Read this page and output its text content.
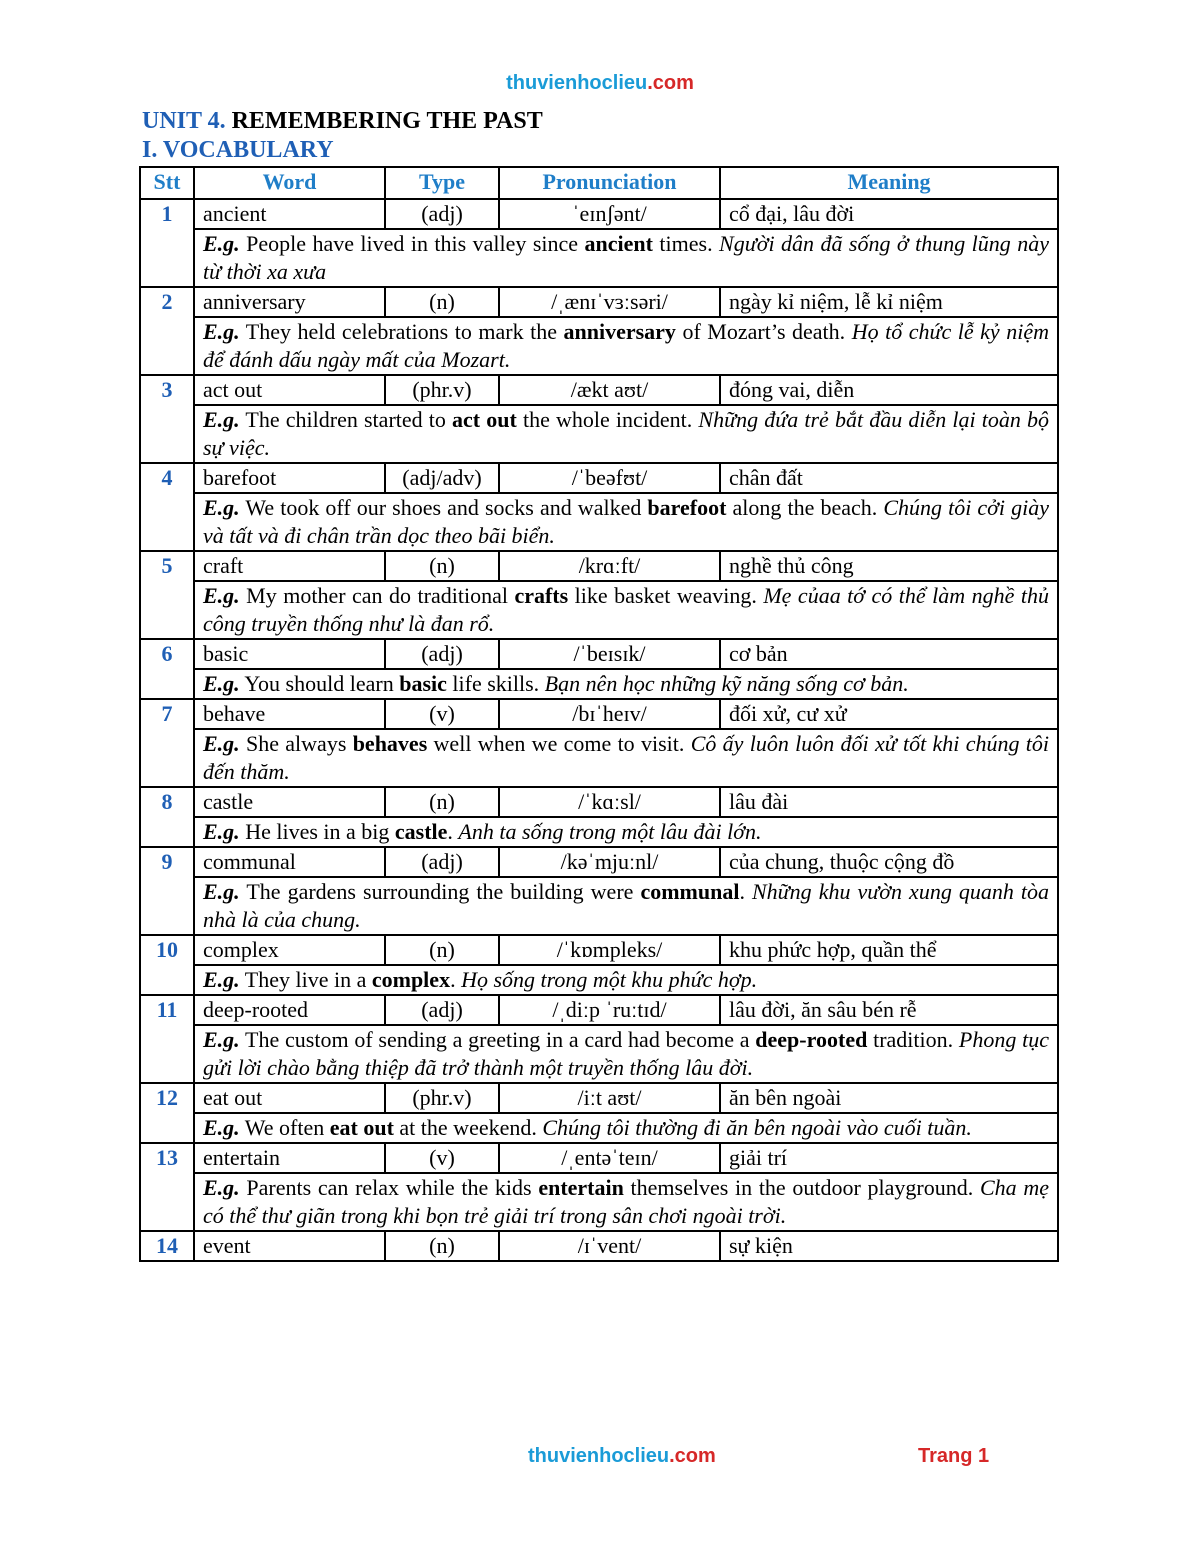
thuvienhoclieu.com
UNIT 4. REMEMBERING THE PAST
I. VOCABULARY
Stt	Word	Type	Pronunciation	Meaning
1	ancient	(adj)	ˈeɪnʃənt/	cổ đại, lâu đời
	E.g. People have lived in this valley since ancient times. Người dân đã sống ở thung lũng này từ thời xa xưa			
2	anniversary	(n)	/ˌænɪˈvɜːsəri/	ngày kỉ niệm, lễ kỉ niệm
	E.g. They held celebrations to mark the anniversary of Mozart’s death. Họ tổ chức lễ kỷ niệm để đánh dấu ngày mất của Mozart.			
3	act out	(phr.v)	/ækt aʊt/	đóng vai, diễn
	E.g. The children started to act out the whole incident. Những đứa trẻ bắt đầu diễn lại toàn bộ sự việc.			
4	barefoot	(adj/adv)	/ˈbeəfʊt/	chân đất
	E.g. We took off our shoes and socks and walked barefoot along the beach. Chúng tôi cởi giày và tất và đi chân trần dọc theo bãi biển.			
5	craft	(n)	/krɑːft/	nghề thủ công
	E.g. My mother can do traditional crafts like basket weaving. Mẹ củaa tớ có thể làm nghề thủ công truyền thống như là đan rổ.			
6	basic	(adj)	/ˈbeɪsɪk/	cơ bản
	E.g. You should learn basic life skills. Bạn nên học những kỹ năng sống cơ bản.			
7	behave	(v)	/bɪˈheɪv/	đối xử, cư xử
	E.g. She always behaves well when we come to visit. Cô ấy luôn luôn đối xử tốt khi chúng tôi đến thăm.			
8	castle	(n)	/ˈkɑːsl/	lâu đài
	E.g. He lives in a big castle. Anh ta sống trong một lâu đài lớn.			
9	communal	(adj)	/kəˈmjuːnl/	của chung, thuộc cộng đồ
	E.g. The gardens surrounding the building were communal. Những khu vườn xung quanh tòa nhà là của chung.			
10	complex	(n)	/ˈkɒmpleks/	khu phức hợp, quần thể
	E.g. They live in a complex. Họ sống trong một khu phức hợp.			
11	deep-rooted	(adj)	/ˌdiːp ˈruːtɪd/	lâu đời, ăn sâu bén rễ
	E.g. The custom of sending a greeting in a card had become a deep-rooted tradition. Phong tục gửi lời chào bằng thiệp đã trở thành một truyền thống lâu đời.			
12	eat out	(phr.v)	/iːt aʊt/	ăn bên ngoài
	E.g. We often eat out at the weekend. Chúng tôi thường đi ăn bên ngoài vào cuối tuần.			
13	entertain	(v)	/ˌentəˈteɪn/	giải trí
	E.g. Parents can relax while the kids entertain themselves in the outdoor playground. Cha mẹ có thể thư giãn trong khi bọn trẻ giải trí trong sân chơi ngoài trời.			
14	event	(n)	/ɪˈvent/	sự kiện
thuvienhoclieu.com	Trang 1
